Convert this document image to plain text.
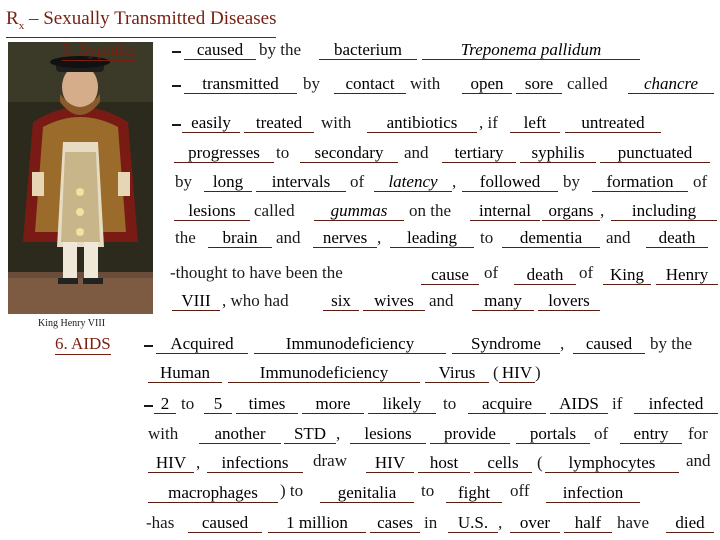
$R_x$ – Sexually Transmitted Diseases
King Henry VIII
5. Syphilis	caused by the	bacterium	Treponema pallidum
transmitted	by	contact with	open	sore called	chancre
easily	treated	with	antibiotics	, if	left	untreated
progresses to	secondary	and	tertiary	syphilis	punctuated
by	long	intervals	of	latency ,	followed	by	formation	of
lesions	called	gummas	on the	internal	organs ,	including
the	brain	and	nerves ,	leading	to	dementia	and	death
-thought to have been the	cause of	death of King	Henry
VIII , who had	six	wives and	many	lovers
6. AIDS	Acquired	Immunodeficiency	Syndrome	,	caused	by the
Human	Immunodeficiency	Virus	( HIV )
2 to	5	times	more	likely	to	acquire	AIDS if	infected
with	another	STD ,	lesions	provide	portals	of	entry	for
HIV ,	infections	draw	HIV	host	cells	(	lymphocytes	and
macrophages	) to	genitalia	to	fight	off	infection
-has	caused	1 million	cases in	U.S. ,	over	half have	died
